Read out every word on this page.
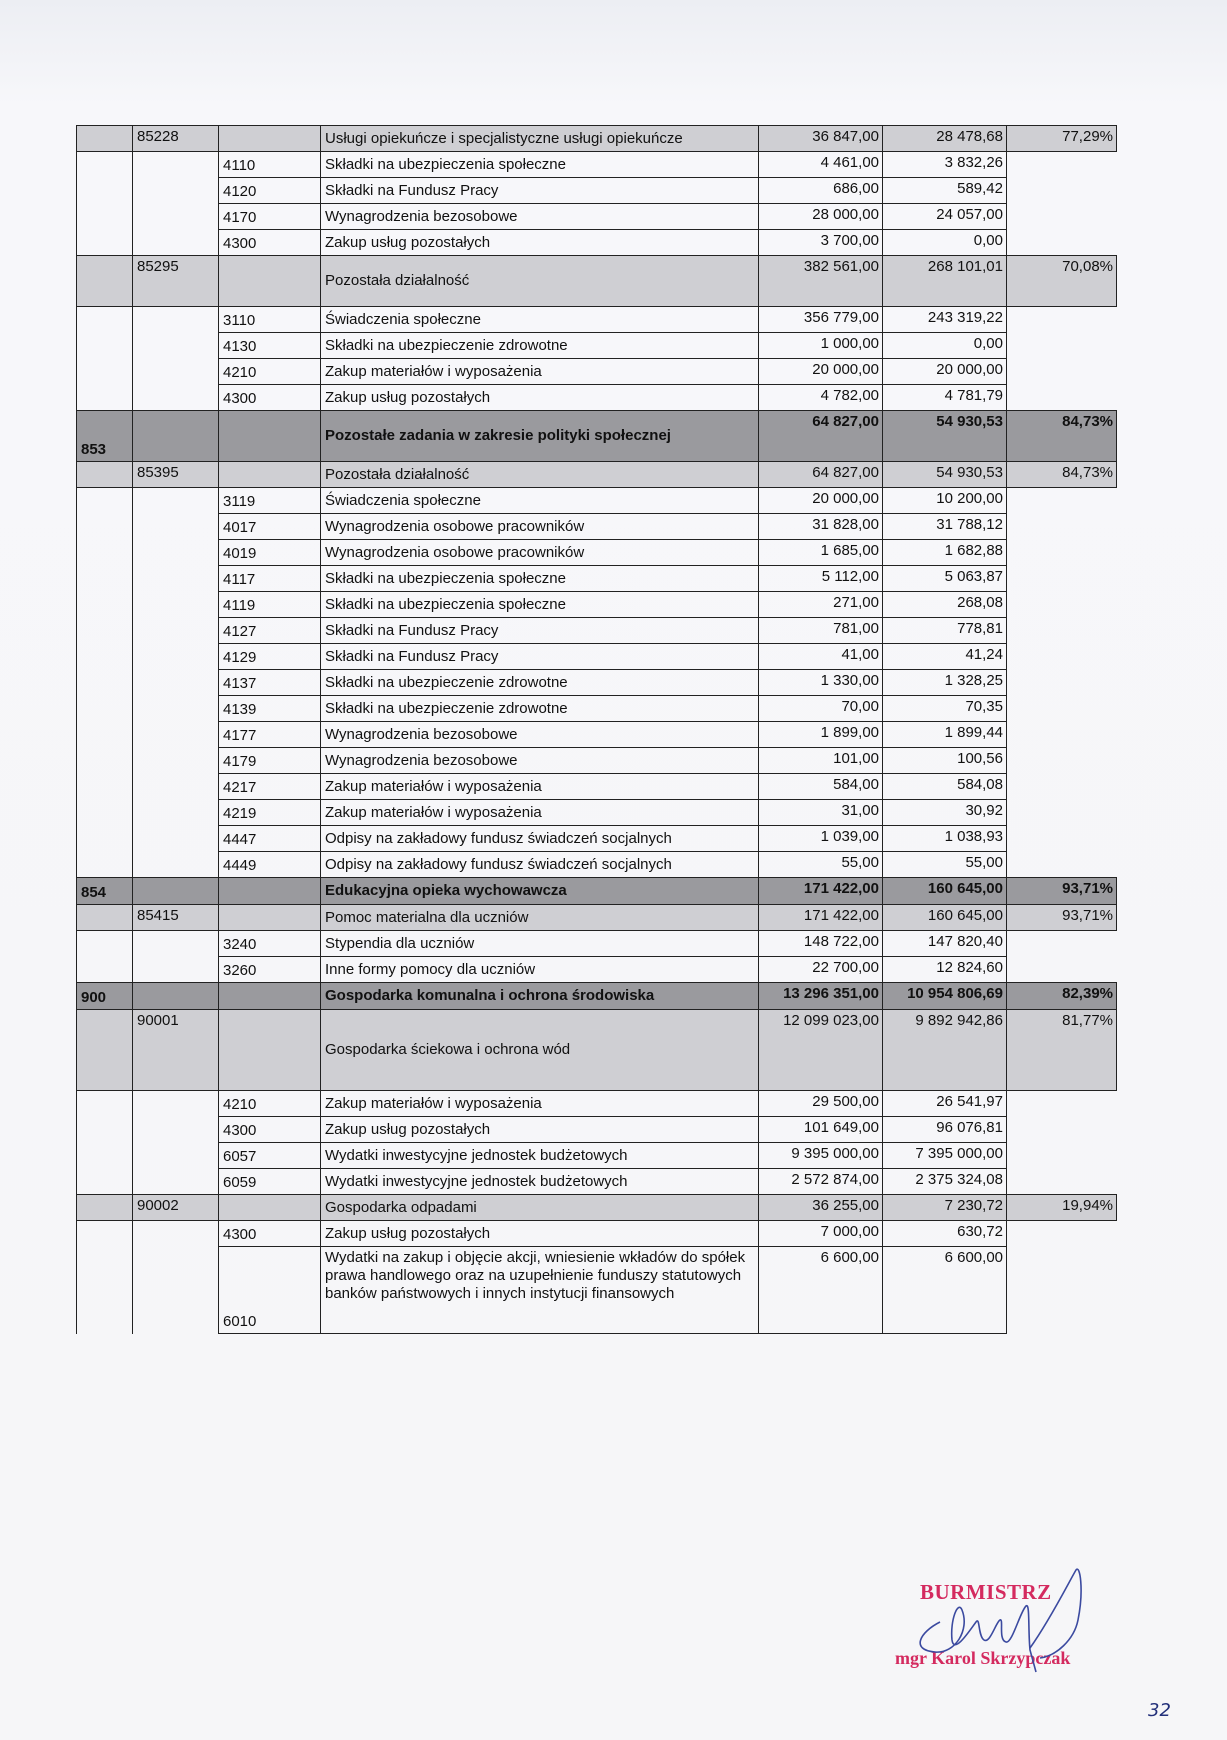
	85228		Usługi opiekuńcze i specjalistyczne usługi opiekuńcze	36 847,00	28 478,68	77,29%
		4110	Składki na ubezpieczenia społeczne	4 461,00	3 832,26	
		4120	Składki na Fundusz Pracy	686,00	589,42	
		4170	Wynagrodzenia bezosobowe	28 000,00	24 057,00	
		4300	Zakup usług pozostałych	3 700,00	0,00	
	85295		Pozostała działalność	382 561,00	268 101,01	70,08%
		3110	Świadczenia społeczne	356 779,00	243 319,22	
		4130	Składki na ubezpieczenie zdrowotne	1 000,00	0,00	
		4210	Zakup materiałów i wyposażenia	20 000,00	20 000,00	
		4300	Zakup usług pozostałych	4 782,00	4 781,79	
853			Pozostałe zadania w zakresie polityki społecznej	64 827,00	54 930,53	84,73%
	85395		Pozostała działalność	64 827,00	54 930,53	84,73%
		3119	Świadczenia społeczne	20 000,00	10 200,00	
		4017	Wynagrodzenia osobowe pracowników	31 828,00	31 788,12	
		4019	Wynagrodzenia osobowe pracowników	1 685,00	1 682,88	
		4117	Składki na ubezpieczenia społeczne	5 112,00	5 063,87	
		4119	Składki na ubezpieczenia społeczne	271,00	268,08	
		4127	Składki na Fundusz Pracy	781,00	778,81	
		4129	Składki na Fundusz Pracy	41,00	41,24	
		4137	Składki na ubezpieczenie zdrowotne	1 330,00	1 328,25	
		4139	Składki na ubezpieczenie zdrowotne	70,00	70,35	
		4177	Wynagrodzenia bezosobowe	1 899,00	1 899,44	
		4179	Wynagrodzenia bezosobowe	101,00	100,56	
		4217	Zakup materiałów i wyposażenia	584,00	584,08	
		4219	Zakup materiałów i wyposażenia	31,00	30,92	
		4447	Odpisy na zakładowy fundusz świadczeń socjalnych	1 039,00	1 038,93	
		4449	Odpisy na zakładowy fundusz świadczeń socjalnych	55,00	55,00	
854			Edukacyjna opieka wychowawcza	171 422,00	160 645,00	93,71%
	85415		Pomoc materialna dla uczniów	171 422,00	160 645,00	93,71%
		3240	Stypendia dla uczniów	148 722,00	147 820,40	
		3260	Inne formy pomocy dla uczniów	22 700,00	12 824,60	
900			Gospodarka komunalna i ochrona środowiska	13 296 351,00	10 954 806,69	82,39%
	90001		Gospodarka ściekowa i ochrona wód	12 099 023,00	9 892 942,86	81,77%
		4210	Zakup materiałów i wyposażenia	29 500,00	26 541,97	
		4300	Zakup usług pozostałych	101 649,00	96 076,81	
		6057	Wydatki inwestycyjne jednostek budżetowych	9 395 000,00	7 395 000,00	
		6059	Wydatki inwestycyjne jednostek budżetowych	2 572 874,00	2 375 324,08	
	90002		Gospodarka odpadami	36 255,00	7 230,72	19,94%
		4300	Zakup usług pozostałych	7 000,00	630,72	
		6010	Wydatki na zakup i objęcie akcji, wniesienie wkładów do spółek prawa handlowego oraz na uzupełnienie funduszy statutowych banków państwowych i innych instytucji finansowych	6 600,00	6 600,00	
BURMISTRZ
mgr Karol Skrzypczak
32
